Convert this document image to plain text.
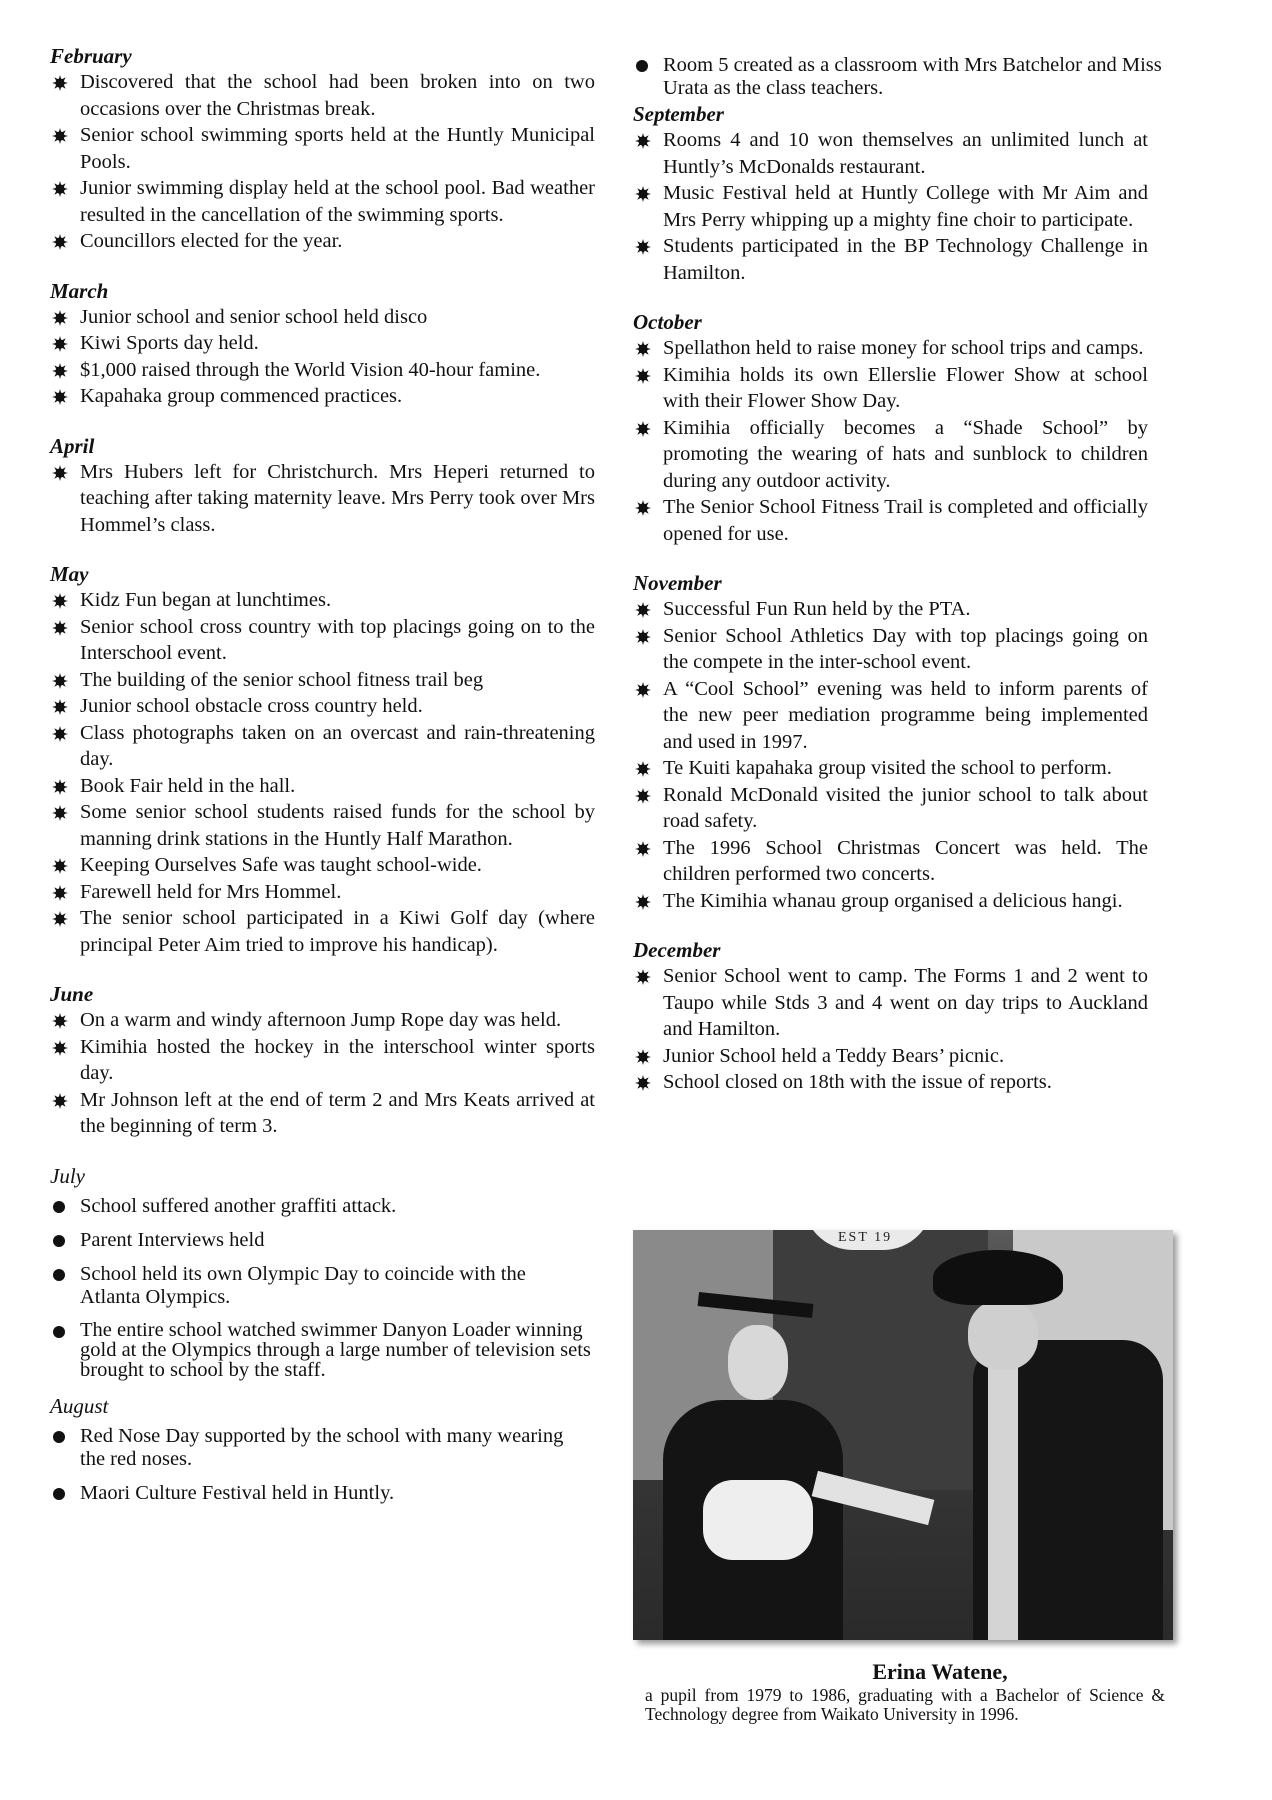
February
Discovered that the school had been broken into on two occasions over the Christmas break.
Senior school swimming sports held at the Huntly Municipal Pools.
Junior swimming display held at the school pool. Bad weather resulted in the cancellation of the swimming sports.
Councillors elected for the year.
March
Junior school and senior school held disco
Kiwi Sports day held.
$1,000 raised through the World Vision 40-hour famine.
Kapahaka group commenced practices.
April
Mrs Hubers left for Christchurch. Mrs Heperi returned to teaching after taking maternity leave. Mrs Perry took over Mrs Hommel’s class.
May
Kidz Fun began at lunchtimes.
Senior school cross country with top placings going on to the Interschool event.
The building of the senior school fitness trail beg
Junior school obstacle cross country held.
Class photographs taken on an overcast and rain-threatening day.
Book Fair held in the hall.
Some senior school students raised funds for the school by manning drink stations in the Huntly Half Marathon.
Keeping Ourselves Safe was taught school-wide.
Farewell held for Mrs Hommel.
The senior school participated in a Kiwi Golf day (where principal Peter Aim tried to improve his handicap).
June
On a warm and windy afternoon Jump Rope day was held.
Kimihia hosted the hockey in the interschool winter sports day.
Mr Johnson left at the end of term 2 and Mrs Keats arrived at the beginning of term 3.
July
School suffered another graffiti attack.
Parent Interviews held
School held its own Olympic Day to coincide with the Atlanta Olympics.
The entire school watched swimmer Danyon Loader winning gold at the Olympics through a large number of television sets brought to school by the staff.
August
Red Nose Day supported by the school with many wearing the red noses.
Maori Culture Festival held in Huntly.
Room 5 created as a classroom with Mrs Batchelor and Miss Urata as the class teachers.
September
Rooms 4 and 10 won themselves an unlimited lunch at Huntly’s McDonalds restaurant.
Music Festival held at Huntly College with Mr Aim and Mrs Perry whipping up a mighty fine choir to participate.
Students participated in the BP Technology Challenge in Hamilton.
October
Spellathon held to raise money for school trips and camps.
Kimihia holds its own Ellerslie Flower Show at school with their Flower Show Day.
Kimihia officially becomes a “Shade School” by promoting the wearing of hats and sunblock to children during any outdoor activity.
The Senior School Fitness Trail is completed and officially opened for use.
November
Successful Fun Run held by the PTA.
Senior School Athletics Day with top placings going on the compete in the inter-school event.
A “Cool School” evening was held to inform parents of the new peer mediation programme being implemented and used in 1997.
Te Kuiti kapahaka group visited the school to perform.
Ronald McDonald visited the junior school to talk about road safety.
The 1996 School Christmas Concert was held. The children performed two concerts.
The Kimihia whanau group organised a delicious hangi.
December
Senior School went to camp. The Forms 1 and 2 went to Taupo while Stds 3 and 4 went on day trips to Auckland and Hamilton.
Junior School held a Teddy Bears’ picnic.
School closed on 18th with the issue of reports.
EST 19
Erina Watene,
a pupil from 1979 to 1986, graduating with a Bachelor of Science & Technology degree from Waikato University in 1996.
